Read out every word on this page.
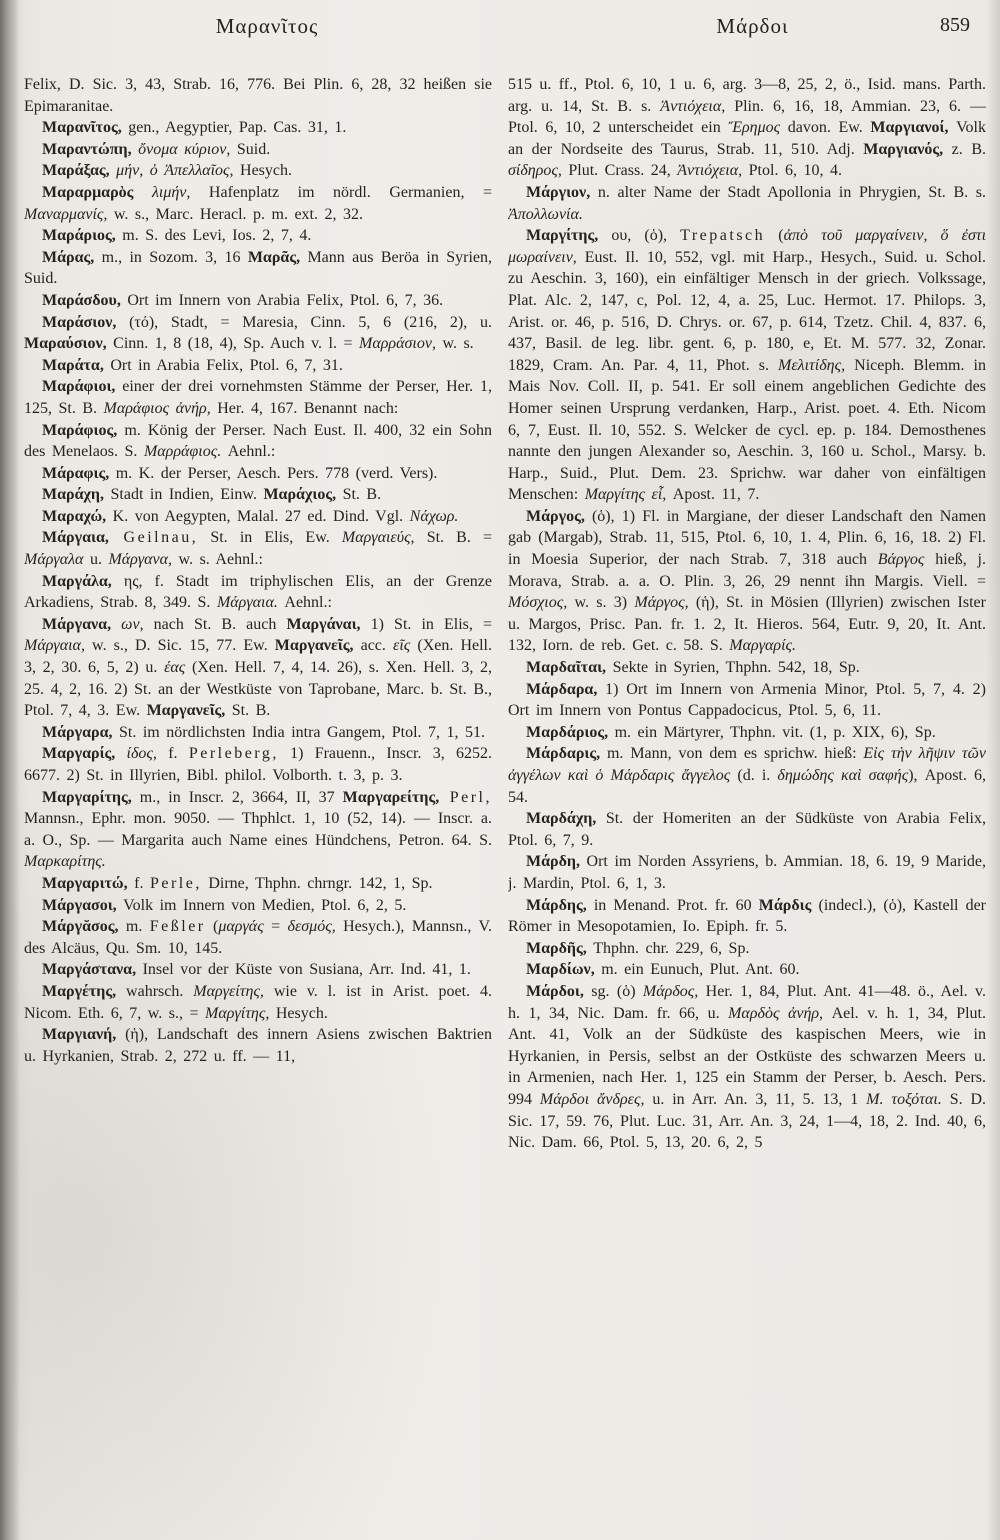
Μαρανῖτος	Μάρδοι	859

Felix, D. Sic. 3, 43, Strab. 16, 776. Bei Plin. 6, 28, 32 heißen sie Epimaranitae.

Μαρανῖτος, gen., Aegyptier, Pap. Cas. 31, 1.

Μαραντώπη, ὄνομα κύριον, Suid.

Μαράξας, μήν, ὁ Ἀπελλαῖος, Hesych.

Μαραρμαρὸς λιμήν, Hafenplatz im nördl. Germanien, = Μαναρμανίς, w. s., Marc. Heracl. p. m. ext. 2, 32.

Μαράριος, m. S. des Levi, Ios. 2, 7, 4.

Μάρας, m., in Sozom. 3, 16 Μαρᾶς, Mann aus Beröa in Syrien, Suid.

Μαράσδου, Ort im Innern von Arabia Felix, Ptol. 6, 7, 36.

Μαράσιον, (τό), Stadt, = Maresia, Cinn. 5, 6 (216, 2), u. Μαραύσιον, Cinn. 1, 8 (18, 4), Sp. Auch v. l. = Μαρράσιον, w. s.

Μαράτα, Ort in Arabia Felix, Ptol. 6, 7, 31.

Μαράφιοι, einer der drei vornehmsten Stämme der Perser, Her. 1, 125, St. B. Μαράφιος ἀνήρ, Her. 4, 167. Benannt nach:

Μαράφιος, m. König der Perser. Nach Eust. Il. 400, 32 ein Sohn des Menelaos. S. Μαρράφιος. Aehnl.:

Μάραφις, m. K. der Perser, Aesch. Pers. 778 (verd. Vers).

Μαράχη, Stadt in Indien, Einw. Μαράχιος, St. B.

Μαραχώ, K. von Aegypten, Malal. 27 ed. Dind. Vgl. Νάχωρ.

Μάργαια, Geilnau, St. in Elis, Ew. Μαργαιεύς, St. B. = Μάργαλα u. Μάργανα, w. s. Aehnl.:

Μαργάλα, ης, f. Stadt im triphylischen Elis, an der Grenze Arkadiens, Strab. 8, 349. S. Μάργαια. Aehnl.:

Μάργανα, ων, nach St. B. auch Μαργάναι, 1) St. in Elis, = Μάργαια, w. s., D. Sic. 15, 77. Ew. Μαργανεῖς, acc. εῖς (Xen. Hell. 3, 2, 30. 6, 5, 2) u. έας (Xen. Hell. 7, 4, 14. 26), s. Xen. Hell. 3, 2, 25. 4, 2, 16. 2) St. an der Westküste von Taprobane, Marc. b. St. B., Ptol. 7, 4, 3. Ew. Μαργανεῖς, St. B.

Μάργαρα, St. im nördlichsten India intra Gangem, Ptol. 7, 1, 51.

Μαργαρίς, ίδος, f. Perleberg, 1) Frauenn., Inscr. 3, 6252. 6677. 2) St. in Illyrien, Bibl. philol. Volborth. t. 3, p. 3.

Μαργαρίτης, m., in Inscr. 2, 3664, II, 37 Μαργαρείτης, Perl, Mannsn., Ephr. mon. 9050. — Thphlct. 1, 10 (52, 14). — Inscr. a. a. O., Sp. — Margarita auch Name eines Hündchens, Petron. 64. S. Μαρκαρίτης.

Μαργαριτώ, f. Perle, Dirne, Thphn. chrngr. 142, 1, Sp.

Μάργασοι, Volk im Innern von Medien, Ptol. 6, 2, 5.

Μάργᾰσος, m. Feßler (μαργάς = δεσμός, Hesych.), Mannsn., V. des Alcäus, Qu. Sm. 10, 145.

Μαργάστανα, Insel vor der Küste von Susiana, Arr. Ind. 41, 1.

Μαργέτης, wahrsch. Μαργείτης, wie v. l. ist in Arist. poet. 4. Nicom. Eth. 6, 7, w. s., = Μαργίτης, Hesych.

Μαργιανή, (ἡ), Landschaft des innern Asiens zwischen Baktrien u. Hyrkanien, Strab. 2, 272 u. ff. — 11,

515 u. ff., Ptol. 6, 10, 1 u. 6, arg. 3—8, 25, 2, ö., Isid. mans. Parth. arg. u. 14, St. B. s. Ἀντιόχεια, Plin. 6, 16, 18, Ammian. 23, 6. — Ptol. 6, 10, 2 unterscheidet ein Ἔρημος davon. Ew. Μαργιανοί, Volk an der Nordseite des Taurus, Strab. 11, 510. Adj. Μαργιανός, z. B. σίδηρος, Plut. Crass. 24, Ἀντιόχεια, Ptol. 6, 10, 4.

Μάργιον, n. alter Name der Stadt Apollonia in Phrygien, St. B. s. Ἀπολλωνία.

Μαργίτης, ου, (ὁ), Trepatsch (ἀπὸ τοῦ μαργαίνειν, ὅ ἐστι μωραίνειν, Eust. Il. 10, 552, vgl. mit Harp., Hesych., Suid. u. Schol. zu Aeschin. 3, 160), ein einfältiger Mensch in der griech. Volkssage, Plat. Alc. 2, 147, c, Pol. 12, 4, a. 25, Luc. Hermot. 17. Philops. 3, Arist. or. 46, p. 516, D. Chrys. or. 67, p. 614, Tzetz. Chil. 4, 837. 6, 437, Basil. de leg. libr. gent. 6, p. 180, e, Et. M. 577. 32, Zonar. 1829, Cram. An. Par. 4, 11, Phot. s. Μελιτίδης, Niceph. Blemm. in Mais Nov. Coll. II, p. 541. Er soll einem angeblichen Gedichte des Homer seinen Ursprung verdanken, Harp., Arist. poet. 4. Eth. Nicom 6, 7, Eust. Il. 10, 552. S. Welcker de cycl. ep. p. 184. Demosthenes nannte den jungen Alexander so, Aeschin. 3, 160 u. Schol., Marsy. b. Harp., Suid., Plut. Dem. 23. Sprichw. war daher von einfältigen Menschen: Μαργίτης εἶ, Apost. 11, 7.

Μάργος, (ὁ), 1) Fl. in Margiane, der dieser Landschaft den Namen gab (Margab), Strab. 11, 515, Ptol. 6, 10, 1. 4, Plin. 6, 16, 18. 2) Fl. in Moesia Superior, der nach Strab. 7, 318 auch Βάργος hieß, j. Morava, Strab. a. a. O. Plin. 3, 26, 29 nennt ihn Margis. Viell. = Μόσχιος, w. s. 3) Μάργος, (ἡ), St. in Mösien (Illyrien) zwischen Ister u. Margos, Prisc. Pan. fr. 1. 2, It. Hieros. 564, Eutr. 9, 20, It. Ant. 132, Iorn. de reb. Get. c. 58. S. Μαργαρίς.

Μαρδαῖται, Sekte in Syrien, Thphn. 542, 18, Sp.

Μάρδαρα, 1) Ort im Innern von Armenia Minor, Ptol. 5, 7, 4. 2) Ort im Innern von Pontus Cappadocicus, Ptol. 5, 6, 11.

Μαρδάριος, m. ein Märtyrer, Thphn. vit. (1, p. XIX, 6), Sp.

Μάρδαρις, m. Mann, von dem es sprichw. hieß: Εἰς τὴν λῆψιν τῶν ἀγγέλων καὶ ὁ Μάρδαρις ἄγγελος (d. i. δημώδης καὶ σαφής), Apost. 6, 54.

Μαρδάχη, St. der Homeriten an der Südküste von Arabia Felix, Ptol. 6, 7, 9.

Μάρδη, Ort im Norden Assyriens, b. Ammian. 18, 6. 19, 9 Maride, j. Mardin, Ptol. 6, 1, 3.

Μάρδης, in Menand. Prot. fr. 60 Μάρδις (indecl.), (ὁ), Kastell der Römer in Mesopotamien, Io. Epiph. fr. 5.

Μαρδῆς, Thphn. chr. 229, 6, Sp.

Μαρδίων, m. ein Eunuch, Plut. Ant. 60.

Μάρδοι, sg. (ὁ) Μάρδος, Her. 1, 84, Plut. Ant. 41—48. ö., Ael. v. h. 1, 34, Nic. Dam. fr. 66, u. Μαρδὸς ἀνήρ, Ael. v. h. 1, 34, Plut. Ant. 41, Volk an der Südküste des kaspischen Meers, wie in Hyrkanien, in Persis, selbst an der Ostküste des schwarzen Meers u. in Armenien, nach Her. 1, 125 ein Stamm der Perser, b. Aesch. Pers. 994 Μάρδοι ἄνδρες, u. in Arr. An. 3, 11, 5. 13, 1 Μ. τοξόται. S. D. Sic. 17, 59. 76, Plut. Luc. 31, Arr. An. 3, 24, 1—4, 18, 2. Ind. 40, 6, Nic. Dam. 66, Ptol. 5, 13, 20. 6, 2, 5
